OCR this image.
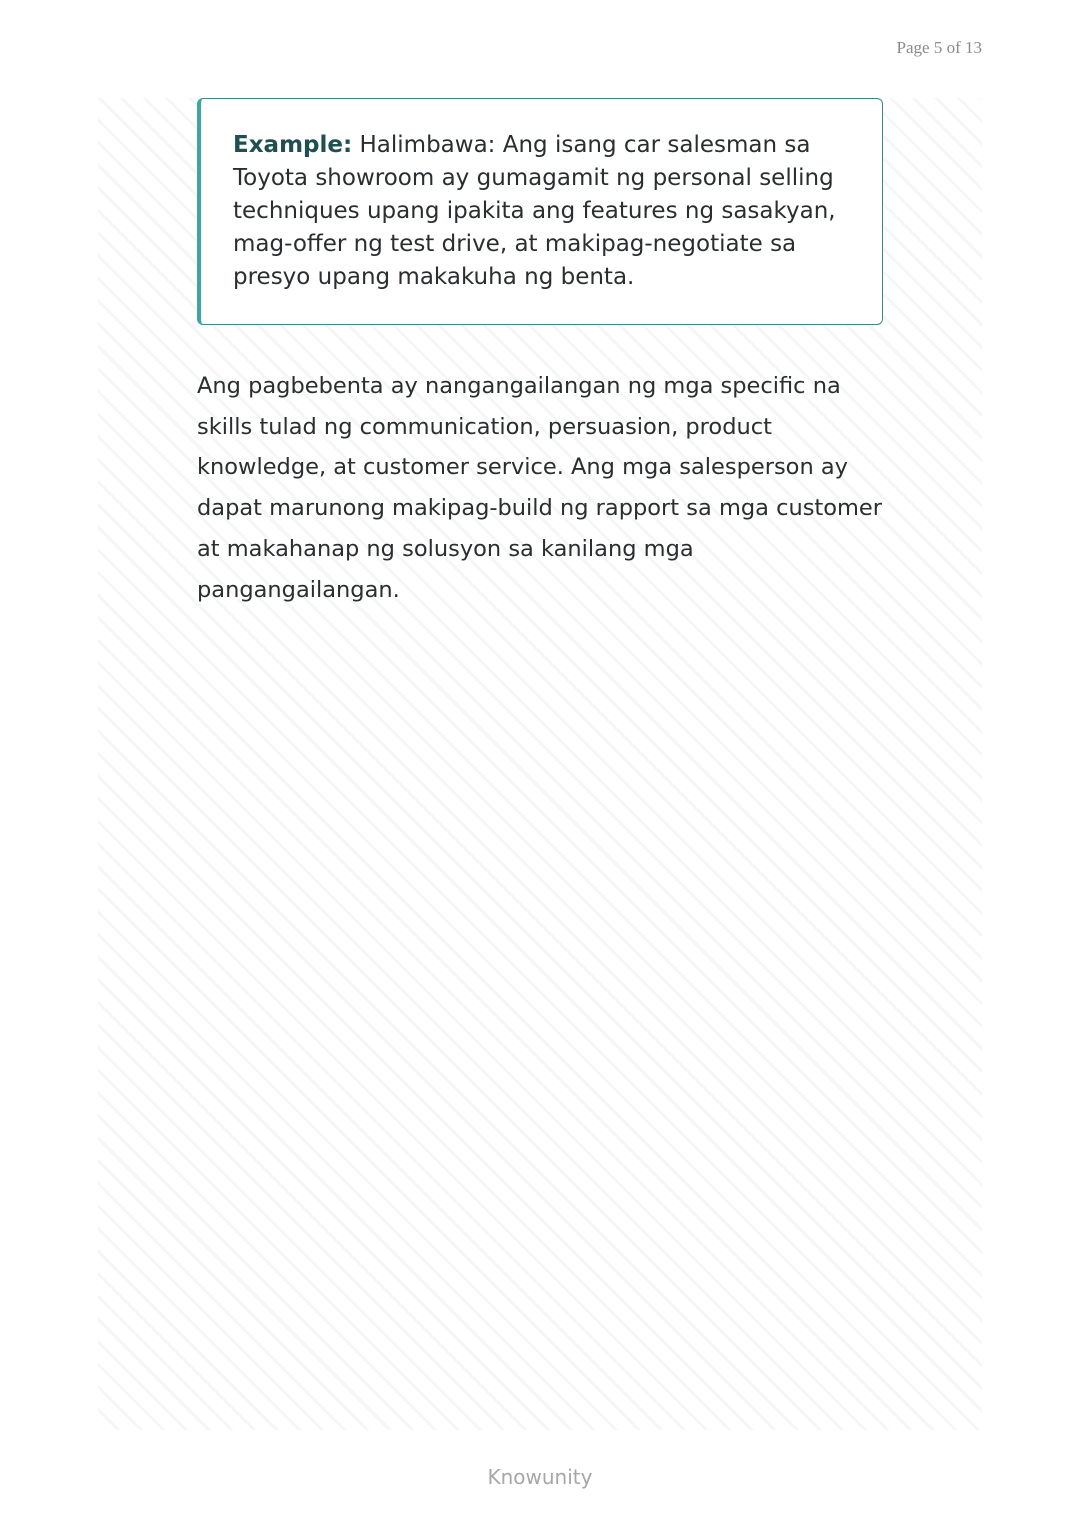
Page 5 of 13

Example: Halimbawa: Ang isang car salesman sa Toyota showroom ay gumagamit ng personal selling techniques upang ipakita ang features ng sasakyan, mag-offer ng test drive, at makipag-negotiate sa presyo upang makakuha ng benta.

Ang pagbebenta ay nangangailangan ng mga specific na skills tulad ng communication, persuasion, product knowledge, at customer service. Ang mga salesperson ay dapat marunong makipag-build ng rapport sa mga customer at makahanap ng solusyon sa kanilang mga pangangailangan.

Knowunity
